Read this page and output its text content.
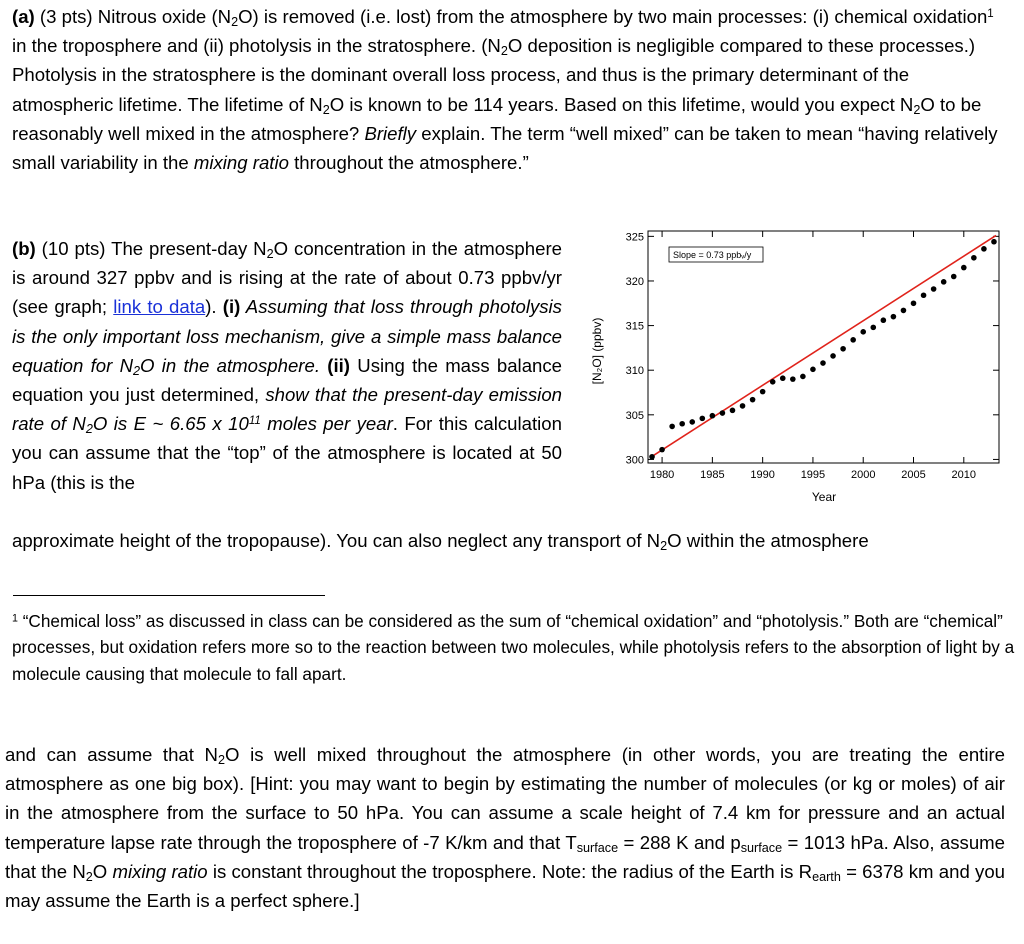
(a) (3 pts) Nitrous oxide $(N_2O)$ is removed (i.e. lost) from the atmosphere by two main processes: (i) chemical oxidation$^1$ in the troposphere and (ii) photolysis in the stratosphere. ($N_2O$ deposition is negligible compared to these processes.) Photolysis in the stratosphere is the dominant overall loss process, and thus is the primary determinant of the atmospheric lifetime. The lifetime of $N_2O$ is known to be 114 years. Based on this lifetime, would you expect $N_2O$ to be reasonably well mixed in the atmosphere? Briefly explain. The term “well mixed” can be taken to mean “having relatively small variability in the mixing ratio throughout the atmosphere.”

(b) (10 pts) The present-day $N_2O$ concentration in the atmosphere is around 327 ppbv and is rising at the rate of about 0.73 ppbv/yr (see graph; link to data). (i) Assuming that loss through photolysis is the only important loss mechanism, give a simple mass balance equation for $N_2O$ in the atmosphere. (ii) Using the mass balance equation you just determined, show that the present-day emission rate of $N_2O$ is E ~ 6.65 x $10^{11}$ moles per year. For this calculation you can assume that the “top” of the atmosphere is located at 50 hPa (this is the

approximate height of the tropopause). You can also neglect any transport of $N_2O$ within the atmosphere

300
305
310
315
320
325
1980 1985 1990 1995 2000 2005 2010
[N₂O] (ppbv)
Year
Slope = 0.73 ppbᵥ/y

$^1$ “Chemical loss” as discussed in class can be considered as the sum of “chemical oxidation” and “photolysis.” Both are “chemical” processes, but oxidation refers more so to the reaction between two molecules, while photolysis refers to the absorption of light by a molecule causing that molecule to fall apart.

and can assume that $N_2O$ is well mixed throughout the atmosphere (in other words, you are treating the entire atmosphere as one big box). [Hint: you may want to begin by estimating the number of molecules (or kg or moles) of air in the atmosphere from the surface to 50 hPa. You can assume a scale height of 7.4 km for pressure and an actual temperature lapse rate through the troposphere of -7 K/km and that $T_{surface} = 288$ K and $p_{surface} = 1013$ hPa. Also, assume that the $N_2O$ mixing ratio is constant throughout the troposphere. Note: the radius of the Earth is $R_{earth} = 6378$ km and you may assume the Earth is a perfect sphere.]
